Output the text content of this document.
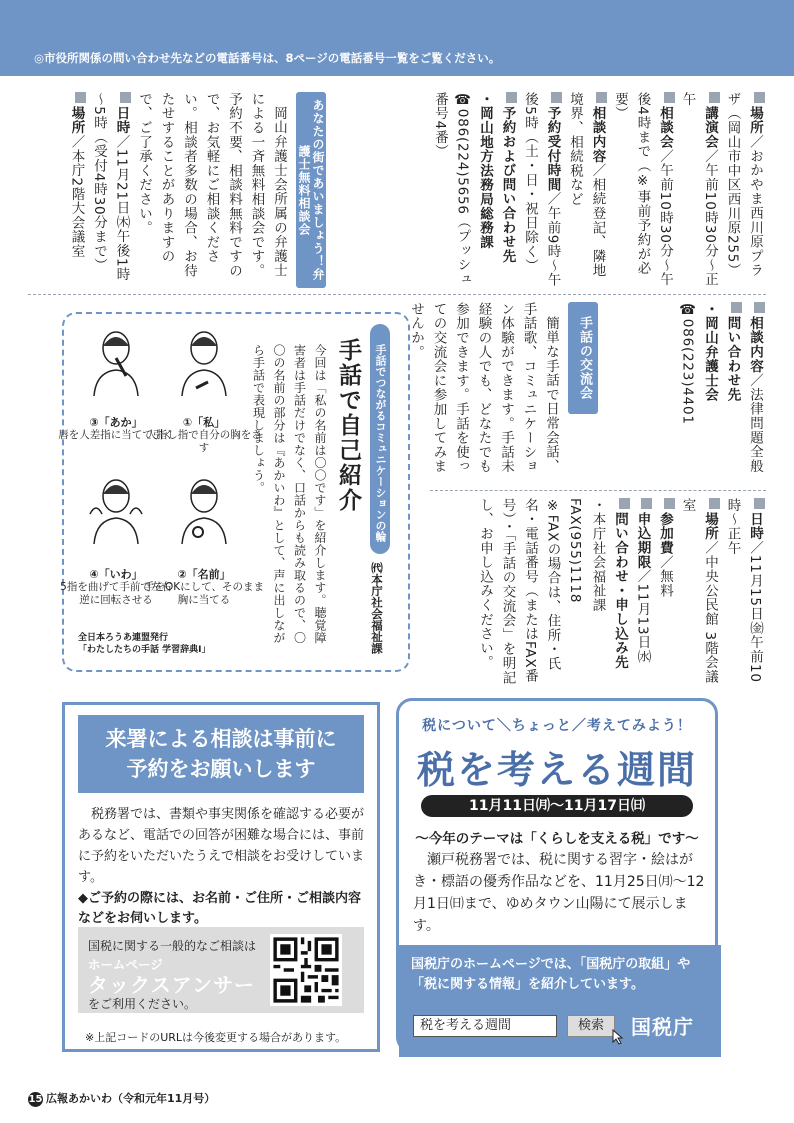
◎市役所関係の問い合わせ先などの電話番号は、8ページの電話番号一覧をご覧ください。

場所／おかやま西川原プラザ（岡山市中区西川原255）

講演会／午前10時30分～正午

相談会／午前10時30分～午後4時まで（※事前予約が必要）

相談内容／相続登記、隣地境界、相続税など

予約受付時間／午前9時～午後5時（土・日・祝日除く）

予約および問い合わせ先

・岡山地方法務局総務課

☎086(224)5656（プッシュ番号4番）

あなたの街であいましょう！弁護士無料相談会

岡山弁護士会所属の弁護士による一斉無料相談会です。予約不要、相談料無料ですので、お気軽にご相談ください。相談者多数の場合、お待たせすることがありますので、ご了承ください。

日時／11月21日㈭午後1時～5時（受付4時30分まで）

場所／本庁2階大会議室

相談内容／法律問題全般

問い合わせ先

・岡山弁護士会

☎086(223)4401

手話の交流会
簡単な手話で日常会話、手話歌、コミュニケーション体験ができます。手話未経験の人でも、どなたでも参加できます。手話を使っての交流会に参加してみませんか。

日時／11月15日㈮午前10時～正午

場所／中央公民館 3階会議室

参加費／無料

申込期限／11月13日㈬

問い合わせ・申し込み先

・本庁社会福祉課

FAX(955)1118

※FAXの場合は、住所・氏名・電話番号（またはFAX番号）・「手話の交流会」を明記し、お申し込みください。

手話でつながるコミュニケーションの輪
手話で自己紹介
㈹本庁社会福祉課
今回は「私の名前は〇〇です」を紹介します。聴覚障害者は手話だけでなく、口話からも読み取るので、〇〇の名前の部分は『あかいわ』として、声に出しながら手話で表現しましょう。
①「私」
人指し指で自分の胸をさす
③「あか」
唇を人差指に当てて引く
②「名前」
手をOKにして、そのまま胸に当てる
④「いわ」
5指を曲げて手前で左右逆に回転させる
全日本ろうあ連盟発行
「わたしたちの手話 学習辞典Ⅰ」
来署による相談は事前に
予約をお願いします
税務署では、書類や事実関係を確認する必要があるなど、電話での回答が困難な場合には、事前に予約をいただいたうえで相談をお受けしています。
◆ご予約の際には、お名前・ご住所・ご相談内容などをお伺いします。
国税に関する一般的なご相談は
ホームページ
タックスアンサー
をご利用ください。
※上記コードのURLは今後変更する場合があります。
税について＼ちょっと／考えてみよう！
税を考える週間
11月11日㈪～11月17日㈰
～今年のテーマは「くらしを支える税」です～
瀬戸税務署では、税に関する習字・絵はがき・標語の優秀作品などを、11月25日㈪～12月1日㈰まで、ゆめタウン山陽にて展示します。
国税庁のホームページでは、「国税庁の取組」や「税に関する情報」を紹介しています。
税を考える週間	検索	国税庁
15 広報あかいわ（令和元年11月号）
